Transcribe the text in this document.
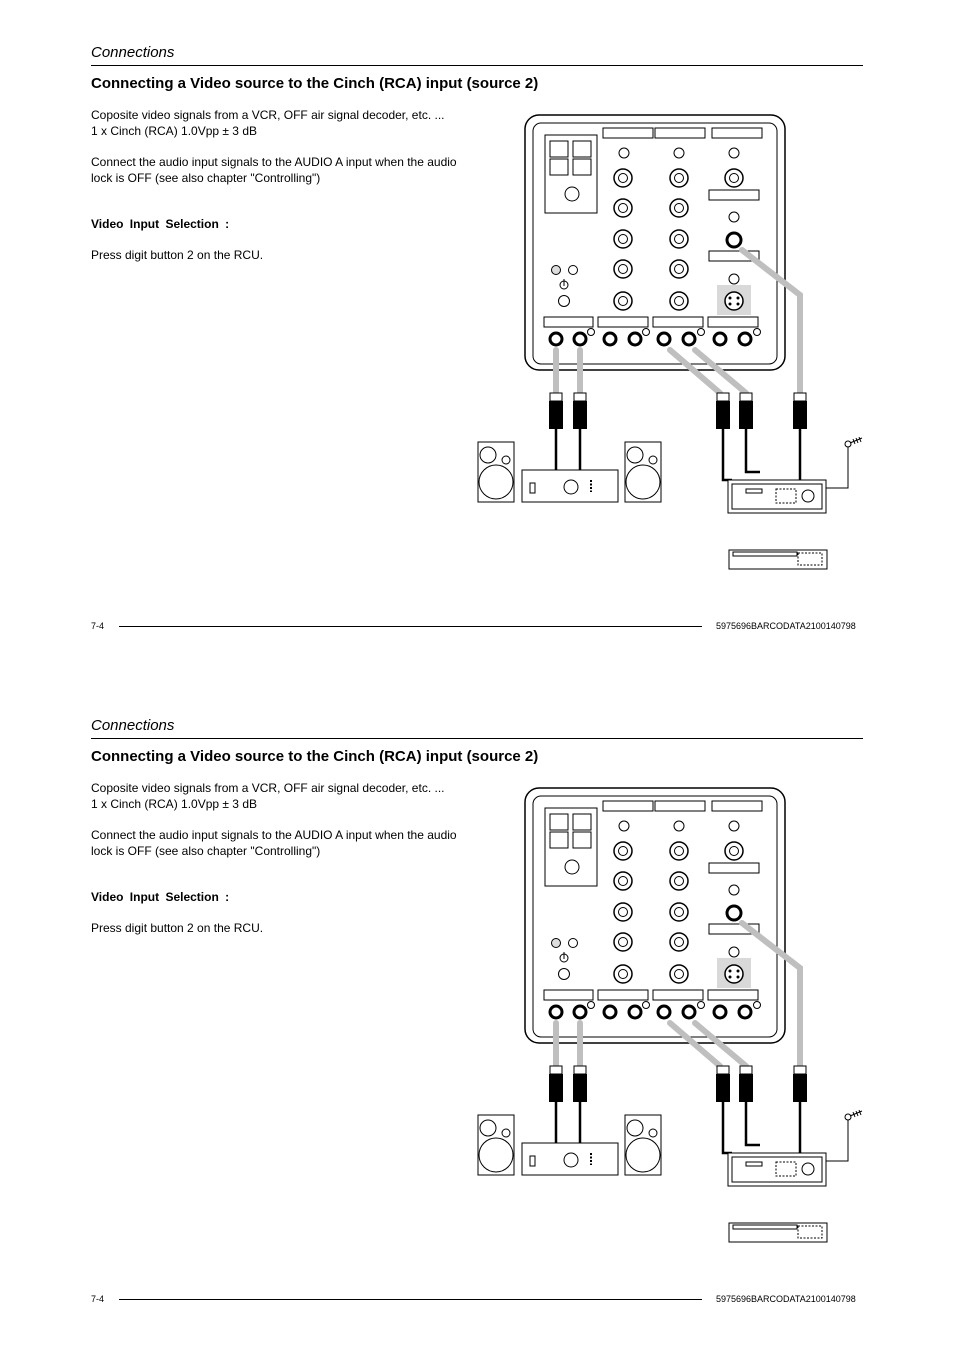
Connections
Connecting a Video source to the Cinch (RCA) input (source 2)

Coposite video signals from a VCR, OFF air signal decoder, etc. ...
1 x Cinch (RCA) 1.0Vpp ± 3 dB

Connect the audio input signals to the AUDIO A input when the audio
lock is OFF (see also chapter "Controlling")

Video Input Selection :

Press digit button 2 on the RCU.

7-4	5975696BARCODATA2100140798
Connections
Connecting a Video source to the Cinch (RCA) input (source 2)

Coposite video signals from a VCR, OFF air signal decoder, etc. ...
1 x Cinch (RCA) 1.0Vpp ± 3 dB

Connect the audio input signals to the AUDIO A input when the audio
lock is OFF (see also chapter "Controlling")

Video Input Selection :

Press digit button 2 on the RCU.

7-4	5975696BARCODATA2100140798
